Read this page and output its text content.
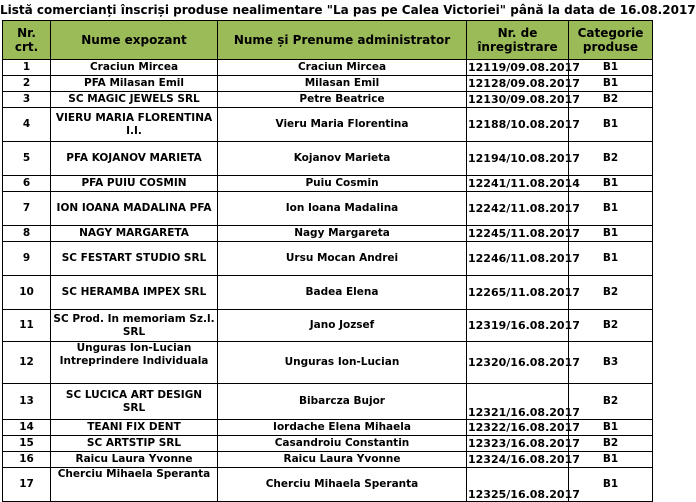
Listă comercianți înscriși produse nealimentare "La pas pe Calea Victoriei" până la data de 16.08.2017
Nr. crt.	Nume expozant	Nume și Prenume administrator	Nr. de înregistrare	Categorie produse
1	Craciun Mircea	Craciun Mircea	12119/09.08.2017	B1
2	PFA Milasan Emil	Milasan Emil	12128/09.08.2017	B1
3	SC MAGIC JEWELS SRL	Petre Beatrice	12130/09.08.2017	B2
4	VIERU MARIA FLORENTINA I.I.	Vieru Maria Florentina	12188/10.08.2017	B1
5	PFA KOJANOV MARIETA	Kojanov Marieta	12194/10.08.2017	B2
6	PFA PUIU COSMIN	Puiu Cosmin	12241/11.08.2014	B1
7	ION IOANA MADALINA PFA	Ion Ioana Madalina	12242/11.08.2017	B1
8	NAGY MARGARETA	Nagy Margareta	12245/11.08.2017	B1
9	SC FESTART STUDIO SRL	Ursu Mocan Andrei	12246/11.08.2017	B1
10	SC HERAMBA IMPEX SRL	Badea Elena	12265/11.08.2017	B2
11	SC Prod. In memoriam Sz.l. SRL	Jano Jozsef	12319/16.08.2017	B2
12	Unguras Ion-Lucian Intreprindere Individuala	Unguras Ion-Lucian	12320/16.08.2017	B3
13	SC LUCICA ART DESIGN SRL	Bibarcza Bujor	12321/16.08.2017	B2
14	TEANI FIX DENT	Iordache Elena Mihaela	12322/16.08.2017	B1
15	SC ARTSTIP SRL	Casandroiu Constantin	12323/16.08.2017	B2
16	Raicu Laura Yvonne	Raicu Laura Yvonne	12324/16.08.2017	B1
17	Cherciu Mihaela Speranta	Cherciu Mihaela Speranta	12325/16.08.2017	B1
